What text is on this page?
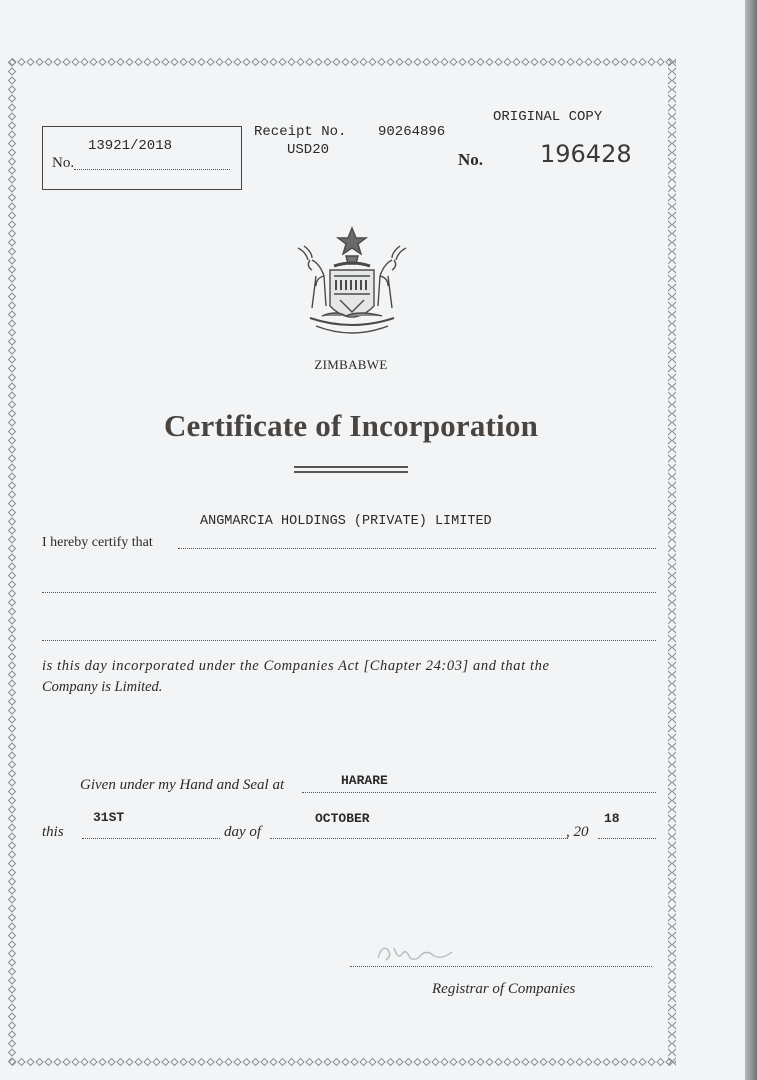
13921/2018
No.
Receipt No. 90264896
USD20
ORIGINAL COPY
No. 196428
ZIMBABWE
Certificate of Incorporation
ANGMARCIA HOLDINGS (PRIVATE) LIMITED
I hereby certify that
is this day incorporated under the Companies Act [Chapter 24:03] and that the
Company is Limited.
Given under my Hand and Seal at	HARARE
31ST	OCTOBER	18
this	day of	, 20
Registrar of Companies
